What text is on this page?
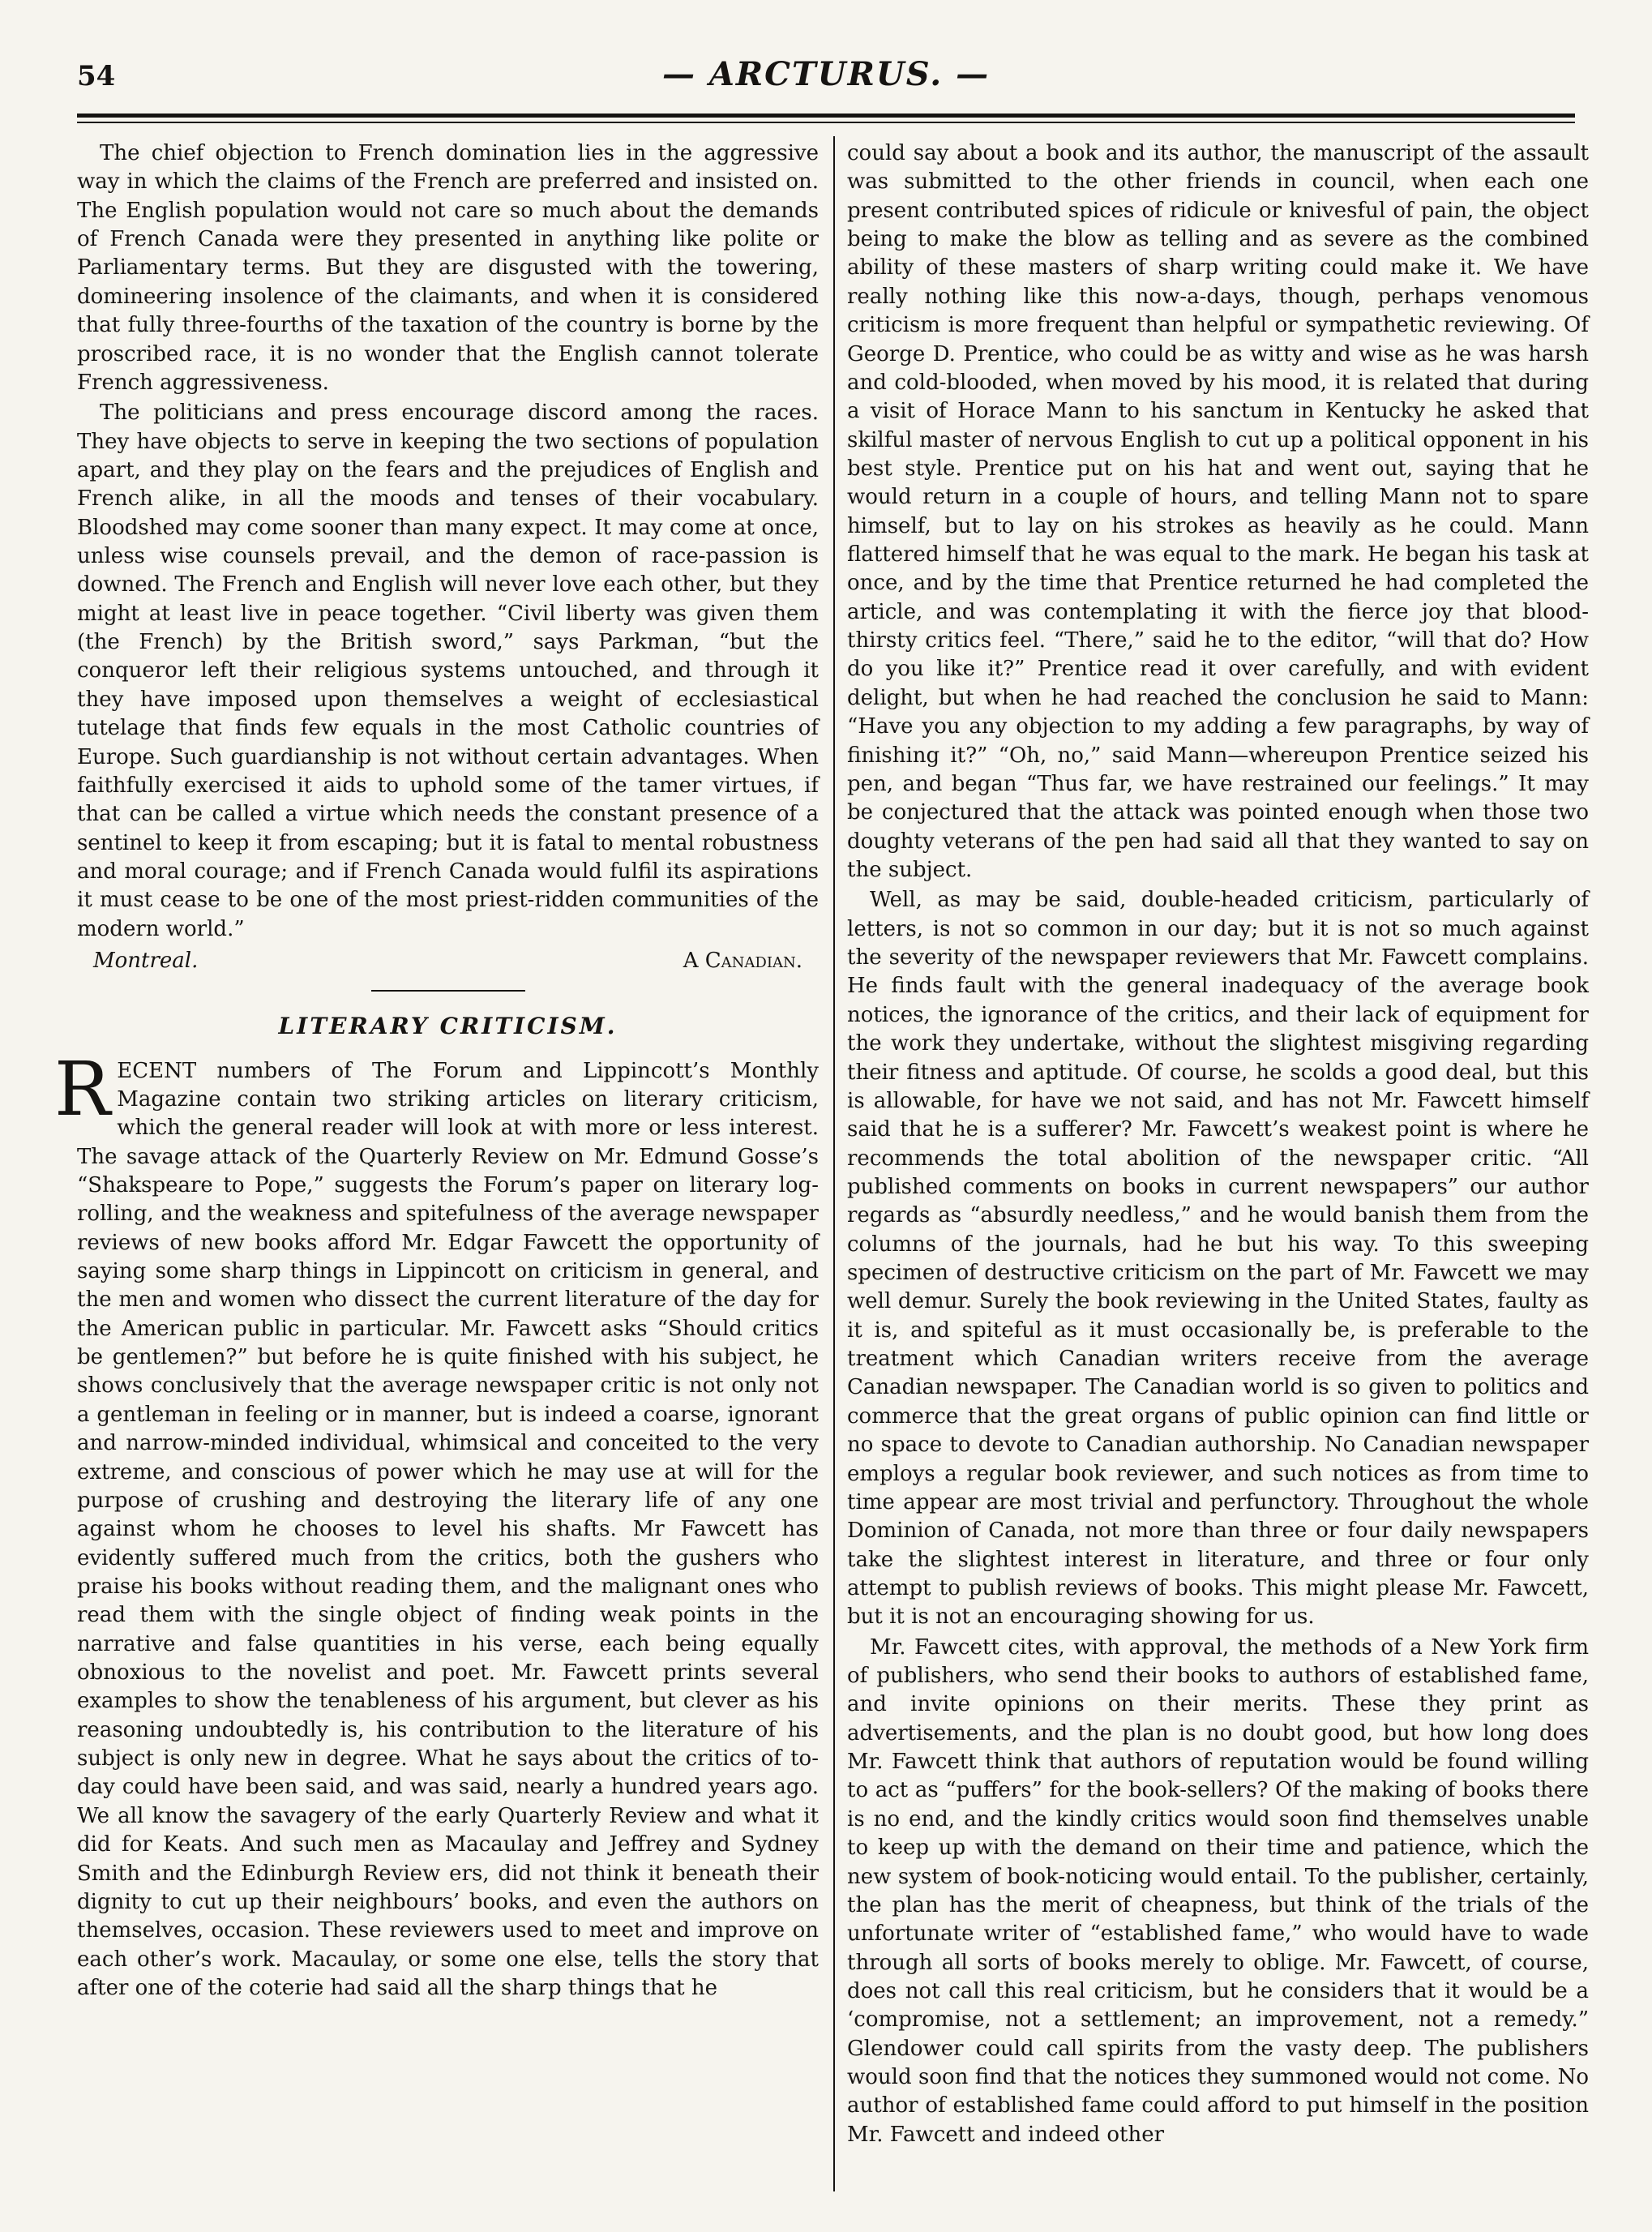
54	— ARCTURUS. —

The chief objection to French domination lies in the aggressive way in which the claims of the French are preferred and insisted on. The English population would not care so much about the demands of French Canada were they presented in anything like polite or Parliamentary terms. But they are disgusted with the towering, domineering insolence of the claimants, and when it is considered that fully three-fourths of the taxation of the country is borne by the proscribed race, it is no wonder that the English cannot tolerate French aggressiveness.

The politicians and press encourage discord among the races. They have objects to serve in keeping the two sections of population apart, and they play on the fears and the prejudices of English and French alike, in all the moods and tenses of their vocabulary. Bloodshed may come sooner than many expect. It may come at once, unless wise counsels prevail, and the demon of race-passion is downed. The French and English will never love each other, but they might at least live in peace together. “Civil liberty was given them (the French) by the British sword,” says Parkman, “but the conqueror left their religious systems untouched, and through it they have imposed upon themselves a weight of ecclesiastical tutelage that finds few equals in the most Catholic countries of Europe. Such guardianship is not without certain advantages. When faithfully exercised it aids to uphold some of the tamer virtues, if that can be called a virtue which needs the constant presence of a sentinel to keep it from escaping; but it is fatal to mental robustness and moral courage; and if French Canada would fulfil its aspirations it must cease to be one of the most priest-ridden communities of the modern world.”

Montreal.	A Canadian.
LITERARY CRITICISM.

RECENT numbers of The Forum and Lippincott’s Monthly Magazine contain two striking articles on literary criticism, which the general reader will look at with more or less interest. The savage attack of the Quarterly Review on Mr. Edmund Gosse’s “Shakspeare to Pope,” suggests the Forum’s paper on literary log-rolling, and the weakness and spitefulness of the average newspaper reviews of new books afford Mr. Edgar Fawcett the opportunity of saying some sharp things in Lippincott on criticism in general, and the men and women who dissect the current literature of the day for the American public in particular. Mr. Fawcett asks “Should critics be gentlemen?” but before he is quite finished with his subject, he shows conclusively that the average newspaper critic is not only not a gentleman in feeling or in manner, but is indeed a coarse, ignorant and narrow-minded individual, whimsical and conceited to the very extreme, and conscious of power which he may use at will for the purpose of crushing and destroying the literary life of any one against whom he chooses to level his shafts. Mr Fawcett has evidently suffered much from the critics, both the gushers who praise his books without reading them, and the malignant ones who read them with the single object of finding weak points in the narrative and false quantities in his verse, each being equally obnoxious to the novelist and poet. Mr. Fawcett prints several examples to show the tenableness of his argument, but clever as his reasoning undoubtedly is, his contribution to the literature of his subject is only new in degree. What he says about the critics of to-day could have been said, and was said, nearly a hundred years ago. We all know the savagery of the early Quarterly Review and what it did for Keats. And such men as Macaulay and Jeffrey and Sydney Smith and the Edinburgh Review ers, did not think it beneath their dignity to cut up their neighbours’ books, and even the authors on themselves, occasion. These reviewers used to meet and improve on each other’s work. Macaulay, or some one else, tells the story that after one of the coterie had said all the sharp things that he

could say about a book and its author, the manuscript of the assault was submitted to the other friends in council, when each one present contributed spices of ridicule or knivesful of pain, the object being to make the blow as telling and as severe as the combined ability of these masters of sharp writing could make it. We have really nothing like this now-a-days, though, perhaps venomous criticism is more frequent than helpful or sympathetic reviewing. Of George D. Prentice, who could be as witty and wise as he was harsh and cold-blooded, when moved by his mood, it is related that during a visit of Horace Mann to his sanctum in Kentucky he asked that skilful master of nervous English to cut up a political opponent in his best style. Prentice put on his hat and went out, saying that he would return in a couple of hours, and telling Mann not to spare himself, but to lay on his strokes as heavily as he could. Mann flattered himself that he was equal to the mark. He began his task at once, and by the time that Prentice returned he had completed the article, and was contemplating it with the fierce joy that blood-thirsty critics feel. “There,” said he to the editor, “will that do? How do you like it?” Prentice read it over carefully, and with evident delight, but when he had reached the conclusion he said to Mann: “Have you any objection to my adding a few paragraphs, by way of finishing it?” “Oh, no,” said Mann—whereupon Prentice seized his pen, and began “Thus far, we have restrained our feelings.” It may be conjectured that the attack was pointed enough when those two doughty veterans of the pen had said all that they wanted to say on the subject.

Well, as may be said, double-headed criticism, particularly of letters, is not so common in our day; but it is not so much against the severity of the newspaper reviewers that Mr. Fawcett complains. He finds fault with the general inadequacy of the average book notices, the ignorance of the critics, and their lack of equipment for the work they undertake, without the slightest misgiving regarding their fitness and aptitude. Of course, he scolds a good deal, but this is allowable, for have we not said, and has not Mr. Fawcett himself said that he is a sufferer? Mr. Fawcett’s weakest point is where he recommends the total abolition of the newspaper critic. “All published comments on books in current newspapers” our author regards as “absurdly needless,” and he would banish them from the columns of the journals, had he but his way. To this sweeping specimen of destructive criticism on the part of Mr. Fawcett we may well demur. Surely the book reviewing in the United States, faulty as it is, and spiteful as it must occasionally be, is preferable to the treatment which Canadian writers receive from the average Canadian newspaper. The Canadian world is so given to politics and commerce that the great organs of public opinion can find little or no space to devote to Canadian authorship. No Canadian newspaper employs a regular book reviewer, and such notices as from time to time appear are most trivial and perfunctory. Throughout the whole Dominion of Canada, not more than three or four daily newspapers take the slightest interest in literature, and three or four only attempt to publish reviews of books. This might please Mr. Fawcett, but it is not an encouraging showing for us.

Mr. Fawcett cites, with approval, the methods of a New York firm of publishers, who send their books to authors of established fame, and invite opinions on their merits. These they print as advertisements, and the plan is no doubt good, but how long does Mr. Fawcett think that authors of reputation would be found willing to act as “puffers” for the book-sellers? Of the making of books there is no end, and the kindly critics would soon find themselves unable to keep up with the demand on their time and patience, which the new system of book-noticing would entail. To the publisher, certainly, the plan has the merit of cheapness, but think of the trials of the unfortunate writer of “established fame,” who would have to wade through all sorts of books merely to oblige. Mr. Fawcett, of course, does not call this real criticism, but he considers that it would be a ‘compromise, not a settlement; an improvement, not a remedy.” Glendower could call spirits from the vasty deep. The publishers would soon find that the notices they summoned would not come. No author of established fame could afford to put himself in the position Mr. Fawcett and indeed other
